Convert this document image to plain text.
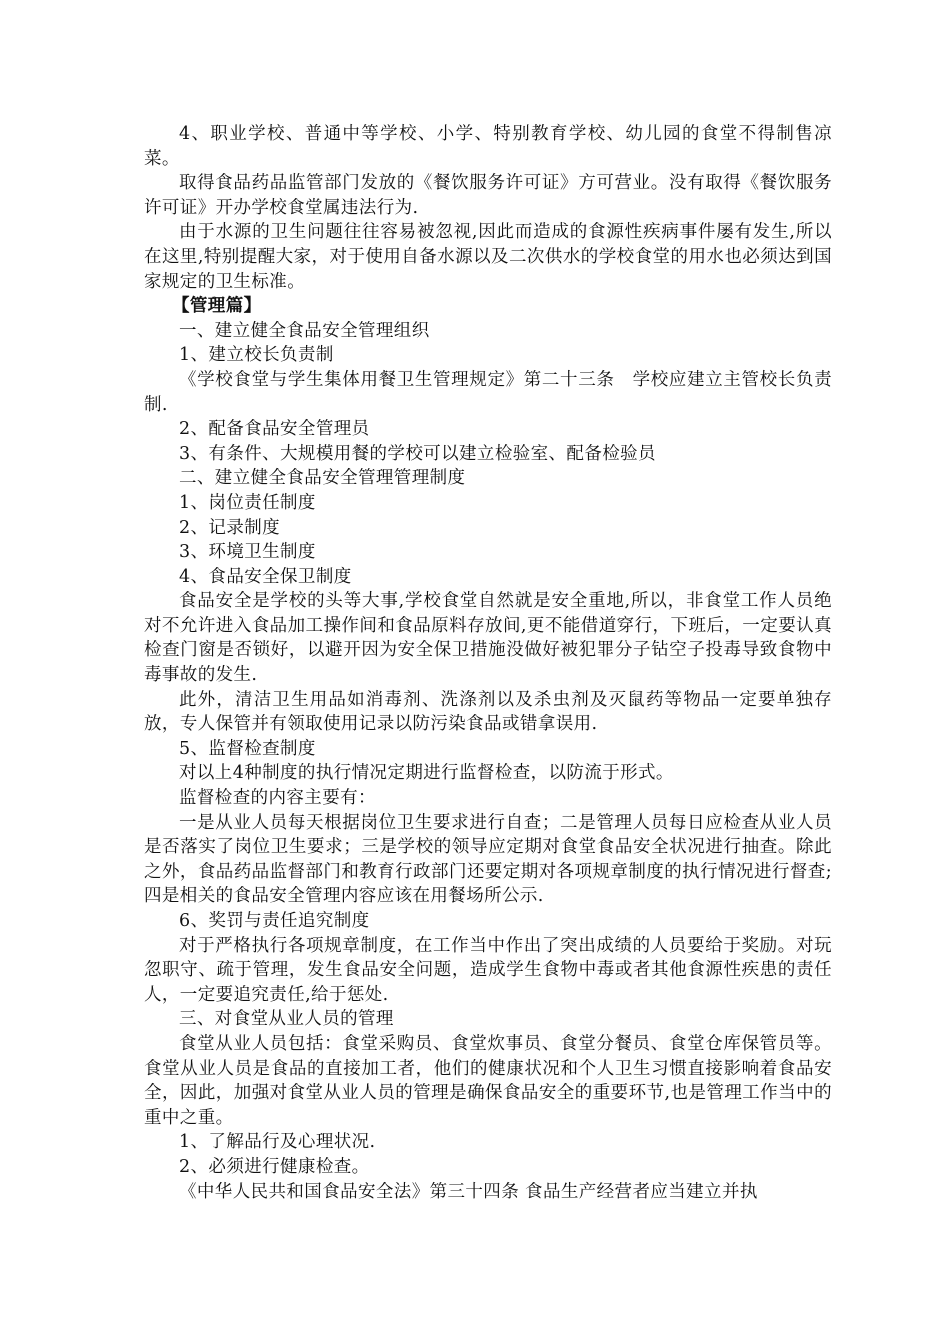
4、职业学校、普通中等学校、小学、特别教育学校、幼儿园的食堂不得制售凉菜。

取得食品药品监管部门发放的《餐饮服务许可证》方可营业。没有取得《餐饮服务许可证》开办学校食堂属违法行为.

由于水源的卫生问题往往容易被忽视,因此而造成的食源性疾病事件屡有发生,所以在这里,特别提醒大家，对于使用自备水源以及二次供水的学校食堂的用水也必须达到国家规定的卫生标准。

【管理篇】

一、建立健全食品安全管理组织

1、建立校长负责制

《学校食堂与学生集体用餐卫生管理规定》第二十三条　学校应建立主管校长负责制.

2、配备食品安全管理员

3、有条件、大规模用餐的学校可以建立检验室、配备检验员

二、建立健全食品安全管理管理制度

1、岗位责任制度

2、记录制度

3、环境卫生制度

4、食品安全保卫制度

食品安全是学校的头等大事,学校食堂自然就是安全重地,所以，非食堂工作人员绝对不允许进入食品加工操作间和食品原料存放间,更不能借道穿行，下班后，一定要认真检查门窗是否锁好，以避开因为安全保卫措施没做好被犯罪分子钻空子投毒导致食物中毒事故的发生.

此外，清洁卫生用品如消毒剂、洗涤剂以及杀虫剂及灭鼠药等物品一定要单独存放，专人保管并有领取使用记录以防污染食品或错拿误用.

5、监督检查制度

对以上4种制度的执行情况定期进行监督检查，以防流于形式。

监督检查的内容主要有：

一是从业人员每天根据岗位卫生要求进行自查；二是管理人员每日应检查从业人员是否落实了岗位卫生要求；三是学校的领导应定期对食堂食品安全状况进行抽查。除此之外，食品药品监督部门和教育行政部门还要定期对各项规章制度的执行情况进行督查;四是相关的食品安全管理内容应该在用餐场所公示.

6、奖罚与责任追究制度

对于严格执行各项规章制度，在工作当中作出了突出成绩的人员要给于奖励。对玩忽职守、疏于管理，发生食品安全问题，造成学生食物中毒或者其他食源性疾患的责任人，一定要追究责任,给于惩处.

三、对食堂从业人员的管理

食堂从业人员包括：食堂采购员、食堂炊事员、食堂分餐员、食堂仓库保管员等。食堂从业人员是食品的直接加工者，他们的健康状况和个人卫生习惯直接影响着食品安全，因此，加强对食堂从业人员的管理是确保食品安全的重要环节,也是管理工作当中的重中之重。

1、了解品行及心理状况.

2、必须进行健康检查。

《中华人民共和国食品安全法》第三十四条 食品生产经营者应当建立并执
